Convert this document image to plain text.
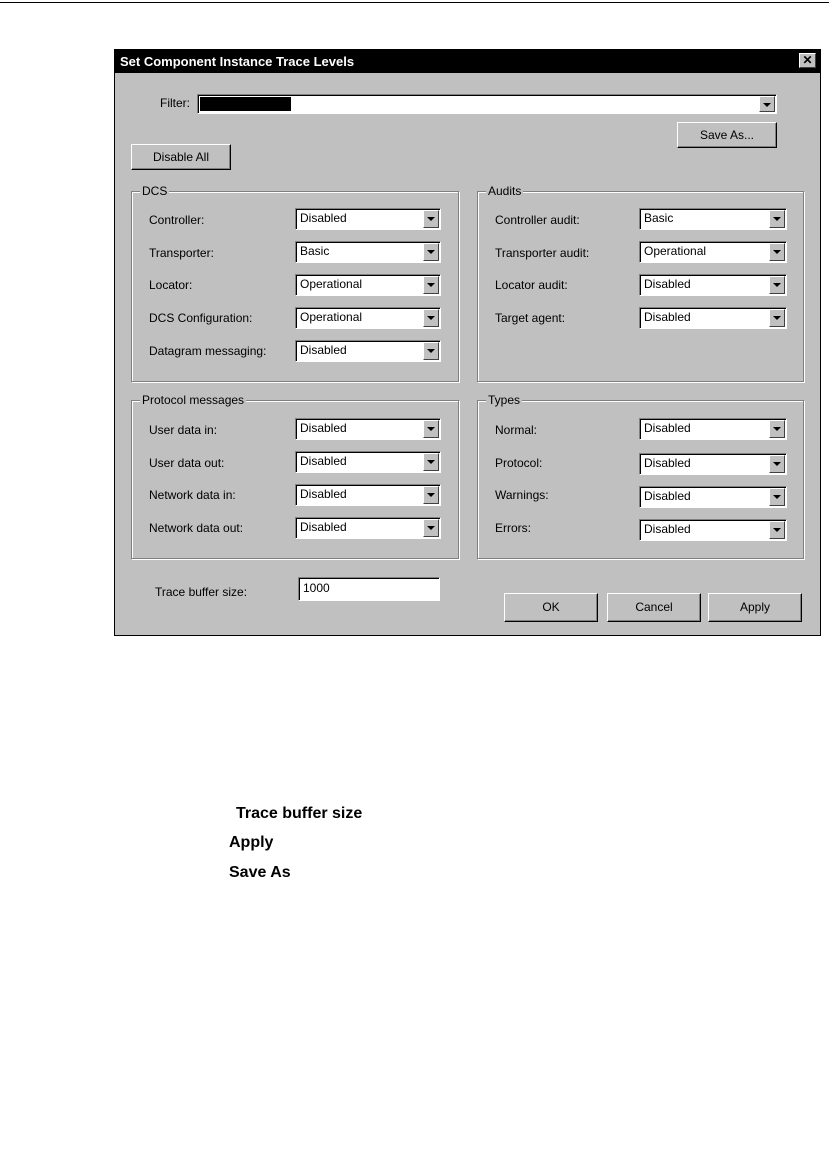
Set Component Instance Trace Levels	✕
Filter: New Trace Filter
Save As...
Disable All
DCS
Controller:	Disabled
Transporter:	Basic
Locator:	Operational
DCS Configuration:	Operational
Datagram messaging:	Disabled
Audits
Controller audit:	Basic
Transporter audit:	Operational
Locator audit:	Disabled
Target agent:	Disabled
Protocol messages
User data in:	Disabled
User data out:	Disabled
Network data in:	Disabled
Network data out:	Disabled
Types
Normal:	Disabled
Protocol:	Disabled
Warnings:	Disabled
Errors:	Disabled
Trace buffer size:	1000
OK	Cancel	Apply
Trace buffer size
Apply
Save As
